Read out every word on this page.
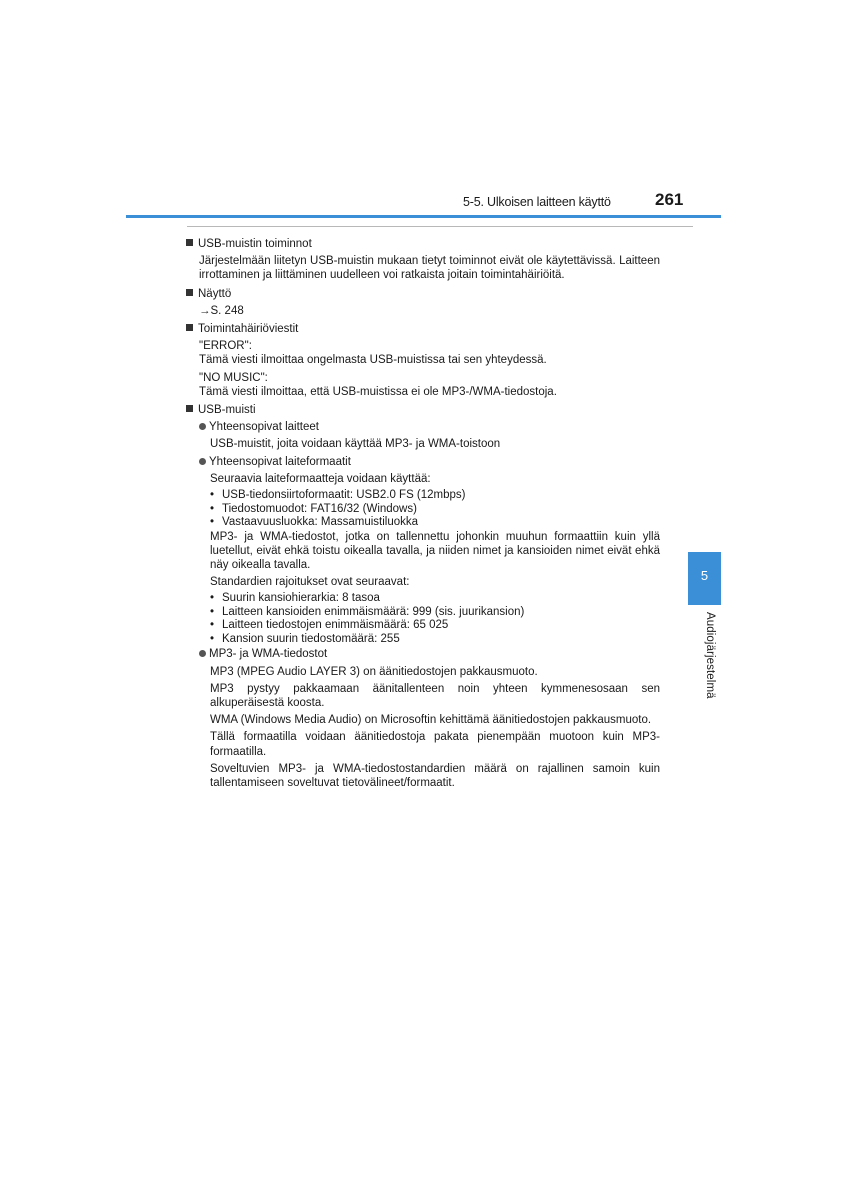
5-5. Ulkoisen laitteen käyttö	261
5
Audiojärjestelmä
USB-muistin toiminnot
Järjestelmään liitetyn USB-muistin mukaan tietyt toiminnot eivät ole käytettävissä. Laitteen irrottaminen ja liittäminen uudelleen voi ratkaista joitain toimintahäiriöitä.
Näyttö
→S. 248
Toimintahäiriöviestit
"ERROR":
Tämä viesti ilmoittaa ongelmasta USB-muistissa tai sen yhteydessä.
"NO MUSIC":
Tämä viesti ilmoittaa, että USB-muistissa ei ole MP3-/WMA-tiedostoja.
USB-muisti
Yhteensopivat laitteet
USB-muistit, joita voidaan käyttää MP3- ja WMA-toistoon
Yhteensopivat laiteformaatit
Seuraavia laiteformaatteja voidaan käyttää:
• USB-tiedonsiirtoformaatit: USB2.0 FS (12mbps)
• Tiedostomuodot: FAT16/32 (Windows)
• Vastaavuusluokka: Massamuistiluokka
MP3- ja WMA-tiedostot, jotka on tallennettu johonkin muuhun formaattiin kuin yllä luetellut, eivät ehkä toistu oikealla tavalla, ja niiden nimet ja kansioiden nimet eivät ehkä näy oikealla tavalla.
Standardien rajoitukset ovat seuraavat:
• Suurin kansiohierarkia: 8 tasoa
• Laitteen kansioiden enimmäismäärä: 999 (sis. juurikansion)
• Laitteen tiedostojen enimmäismäärä: 65 025
• Kansion suurin tiedostomäärä: 255
MP3- ja WMA-tiedostot
MP3 (MPEG Audio LAYER 3) on äänitiedostojen pakkausmuoto.
MP3 pystyy pakkaamaan äänitallenteen noin yhteen kymmenesosaan sen alkuperäisestä koosta.
WMA (Windows Media Audio) on Microsoftin kehittämä äänitiedostojen pakkausmuoto.
Tällä formaatilla voidaan äänitiedostoja pakata pienempään muotoon kuin MP3-formaatilla.
Soveltuvien MP3- ja WMA-tiedostostandardien määrä on rajallinen samoin kuin tallentamiseen soveltuvat tietovälineet/formaatit.
